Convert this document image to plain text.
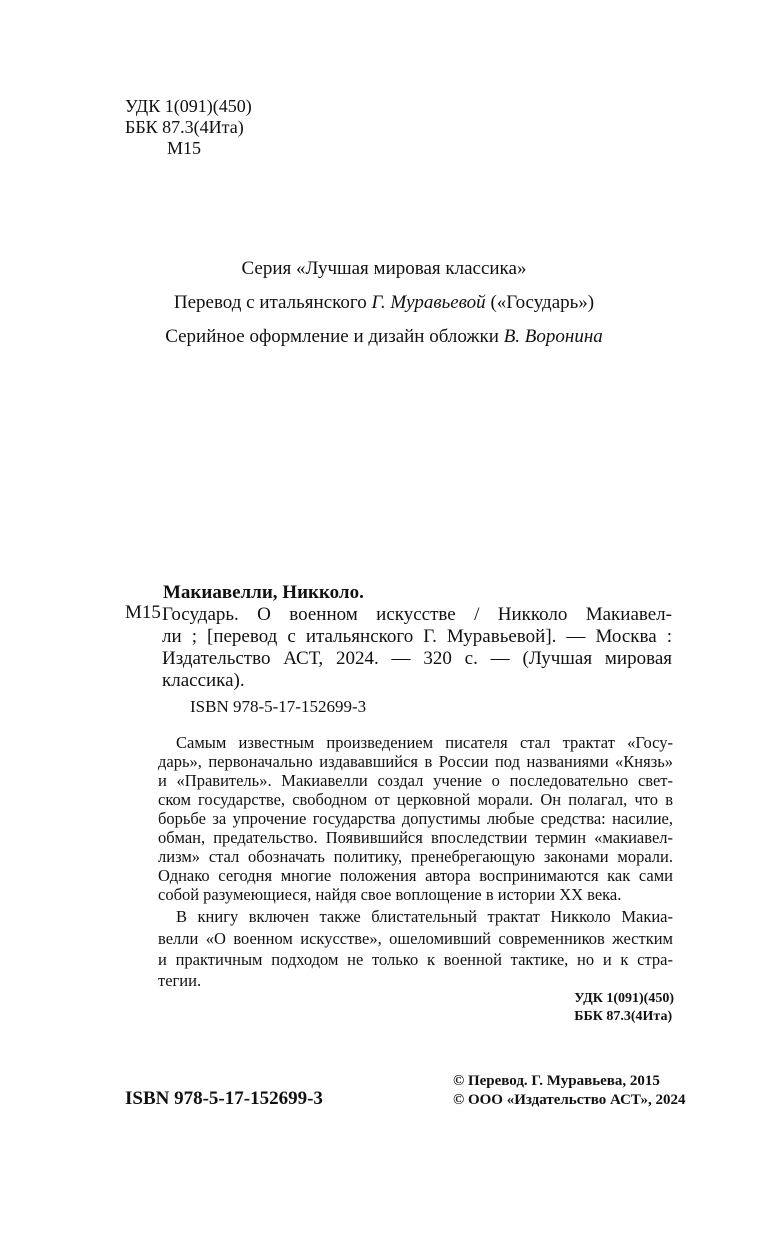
УДК 1(091)(450)
ББК 87.3(4Ита)
М15
Серия «Лучшая мировая классика»
Перевод с итальянского Г. Муравьевой («Государь»)
Серийное оформление и дизайн обложки В. Воронина
Макиавелли, Никколо.
М15 Государь. О военном искусстве / Никколо Макиавел-
ли ; [перевод с итальянского Г. Муравьевой]. — Москва :
Издательство АСТ, 2024. — 320 с. — (Лучшая мировая
классика).
ISBN 978-5-17-152699-3
Самым известным произведением писателя стал трактат «Госу-
дарь», первоначально издававшийся в России под названиями «Князь»
и «Правитель». Макиавелли создал учение о последовательно свет-
ском государстве, свободном от церковной морали. Он полагал, что в
борьбе за упрочение государства допустимы любые средства: насилие,
обман, предательство. Появившийся впоследствии термин «макиавел-
лизм» стал обозначать политику, пренебрегающую законами морали.
Однако сегодня многие положения автора воспринимаются как сами
собой разумеющиеся, найдя свое воплощение в истории XX века.
В книгу включен также блистательный трактат Никколо Макиа-
велли «О военном искусстве», ошеломивший современников жестким
и практичным подходом не только к военной тактике, но и к стра-
тегии.
УДК 1(091)(450)
ББК 87.3(4Ита)
ISBN 978-5-17-152699-3
© Перевод. Г. Муравьева, 2015
© ООО «Издательство АСТ», 2024
